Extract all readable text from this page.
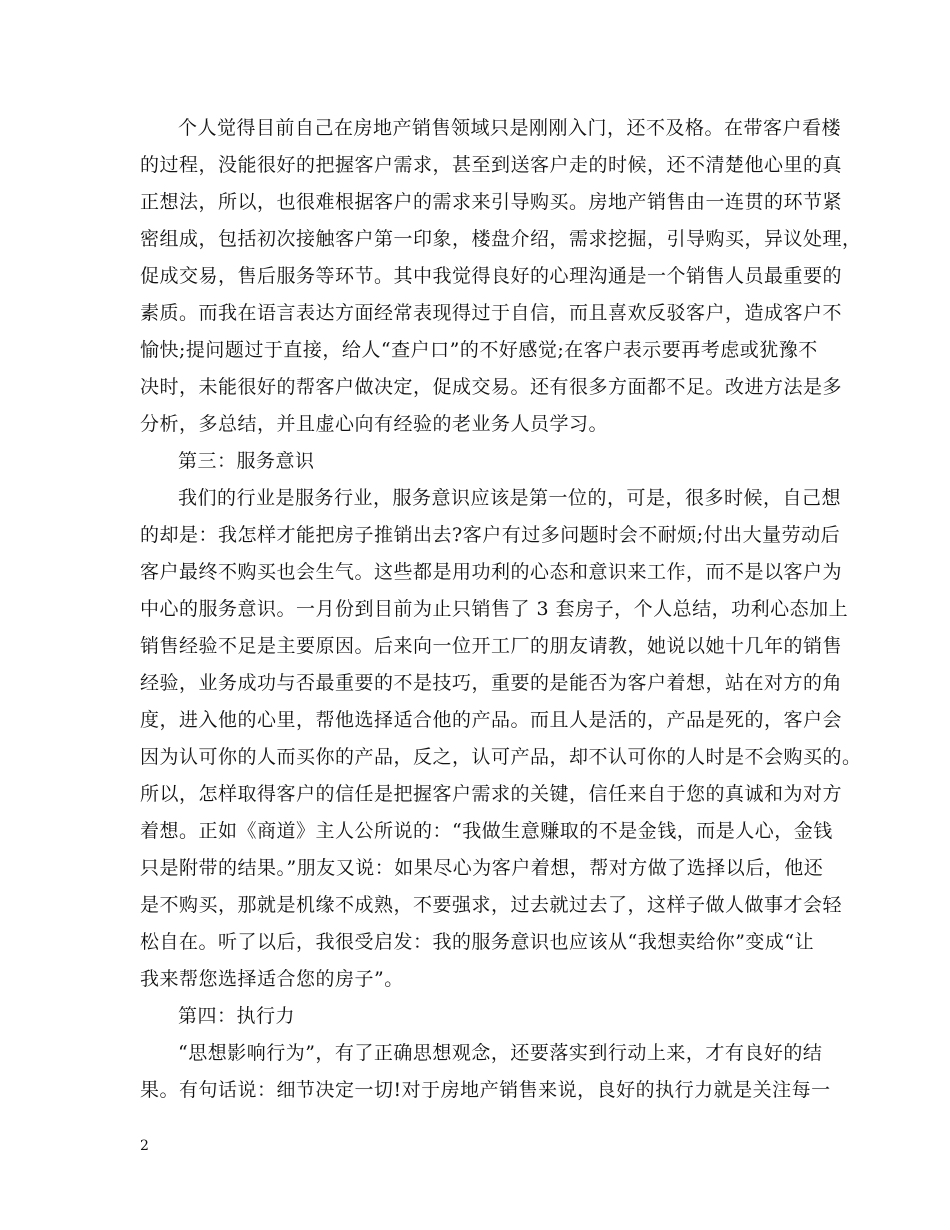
个人觉得目前自己在房地产销售领域只是刚刚入门，还不及格。在带客户看楼
的过程，没能很好的把握客户需求，甚至到送客户走的时候，还不清楚他心里的真
正想法，所以，也很难根据客户的需求来引导购买。房地产销售由一连贯的环节紧
密组成，包括初次接触客户第一印象，楼盘介绍，需求挖掘，引导购买，异议处理，
促成交易，售后服务等环节。其中我觉得良好的心理沟通是一个销售人员最重要的
素质。而我在语言表达方面经常表现得过于自信，而且喜欢反驳客户，造成客户不
愉快;提问题过于直接，给人“查户口”的不好感觉;在客户表示要再考虑或犹豫不
决时，未能很好的帮客户做决定，促成交易。还有很多方面都不足。改进方法是多
分析，多总结，并且虚心向有经验的老业务人员学习。
第三：服务意识
我们的行业是服务行业，服务意识应该是第一位的，可是，很多时候，自己想
的却是：我怎样才能把房子推销出去?客户有过多问题时会不耐烦;付出大量劳动后
客户最终不购买也会生气。这些都是用功利的心态和意识来工作，而不是以客户为
中心的服务意识。一月份到目前为止只销售了 3 套房子，个人总结，功利心态加上
销售经验不足是主要原因。后来向一位开工厂的朋友请教，她说以她十几年的销售
经验，业务成功与否最重要的不是技巧，重要的是能否为客户着想，站在对方的角
度，进入他的心里，帮他选择适合他的产品。而且人是活的，产品是死的，客户会
因为认可你的人而买你的产品，反之，认可产品，却不认可你的人时是不会购买的。
所以，怎样取得客户的信任是把握客户需求的关键，信任来自于您的真诚和为对方
着想。正如《商道》主人公所说的：“我做生意赚取的不是金钱，而是人心，金钱
只是附带的结果。”朋友又说：如果尽心为客户着想，帮对方做了选择以后，他还
是不购买，那就是机缘不成熟，不要强求，过去就过去了，这样子做人做事才会轻
松自在。听了以后，我很受启发：我的服务意识也应该从“我想卖给你”变成“让
我来帮您选择适合您的房子”。
第四：执行力
“思想影响行为”，有了正确思想观念，还要落实到行动上来，才有良好的结
果。有句话说：细节决定一切!对于房地产销售来说，良好的执行力就是关注每一
2
